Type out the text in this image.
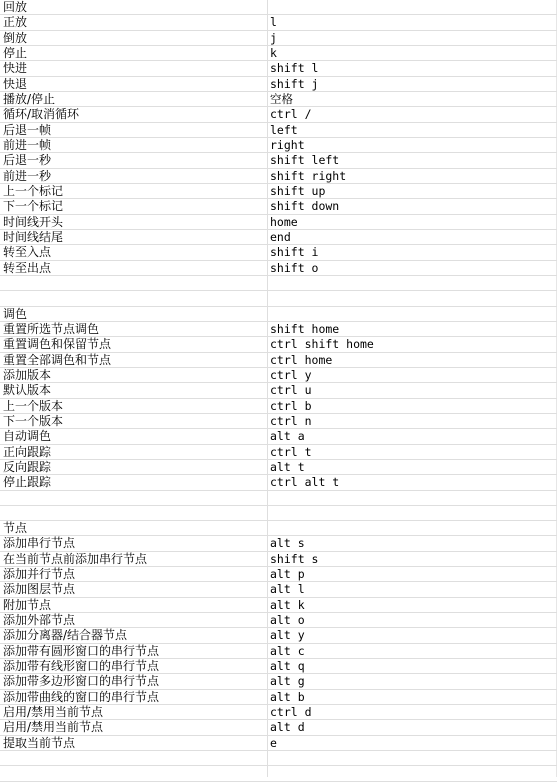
回放
正放	l
倒放	j
停止	k
快进	shift l
快退	shift j
播放/停止	空格
循环/取消循环	ctrl /
后退一帧	left
前进一帧	right
后退一秒	shift left
前进一秒	shift right
上一个标记	shift up
下一个标记	shift down
时间线开头	home
时间线结尾	end
转至入点	shift i
转至出点	shift o
调色
重置所选节点调色	shift home
重置调色和保留节点	ctrl shift home
重置全部调色和节点	ctrl home
添加版本	ctrl y
默认版本	ctrl u
上一个版本	ctrl b
下一个版本	ctrl n
自动调色	alt a
正向跟踪	ctrl t
反向跟踪	alt t
停止跟踪	ctrl alt t
节点
添加串行节点	alt s
在当前节点前添加串行节点	shift s
添加并行节点	alt p
添加图层节点	alt l
附加节点	alt k
添加外部节点	alt o
添加分离器/结合器节点	alt y
添加带有圆形窗口的串行节点	alt c
添加带有线形窗口的串行节点	alt q
添加带多边形窗口的串行节点	alt g
添加带曲线的窗口的串行节点	alt b
启用/禁用当前节点	ctrl d
启用/禁用当前节点	alt d
提取当前节点	e
